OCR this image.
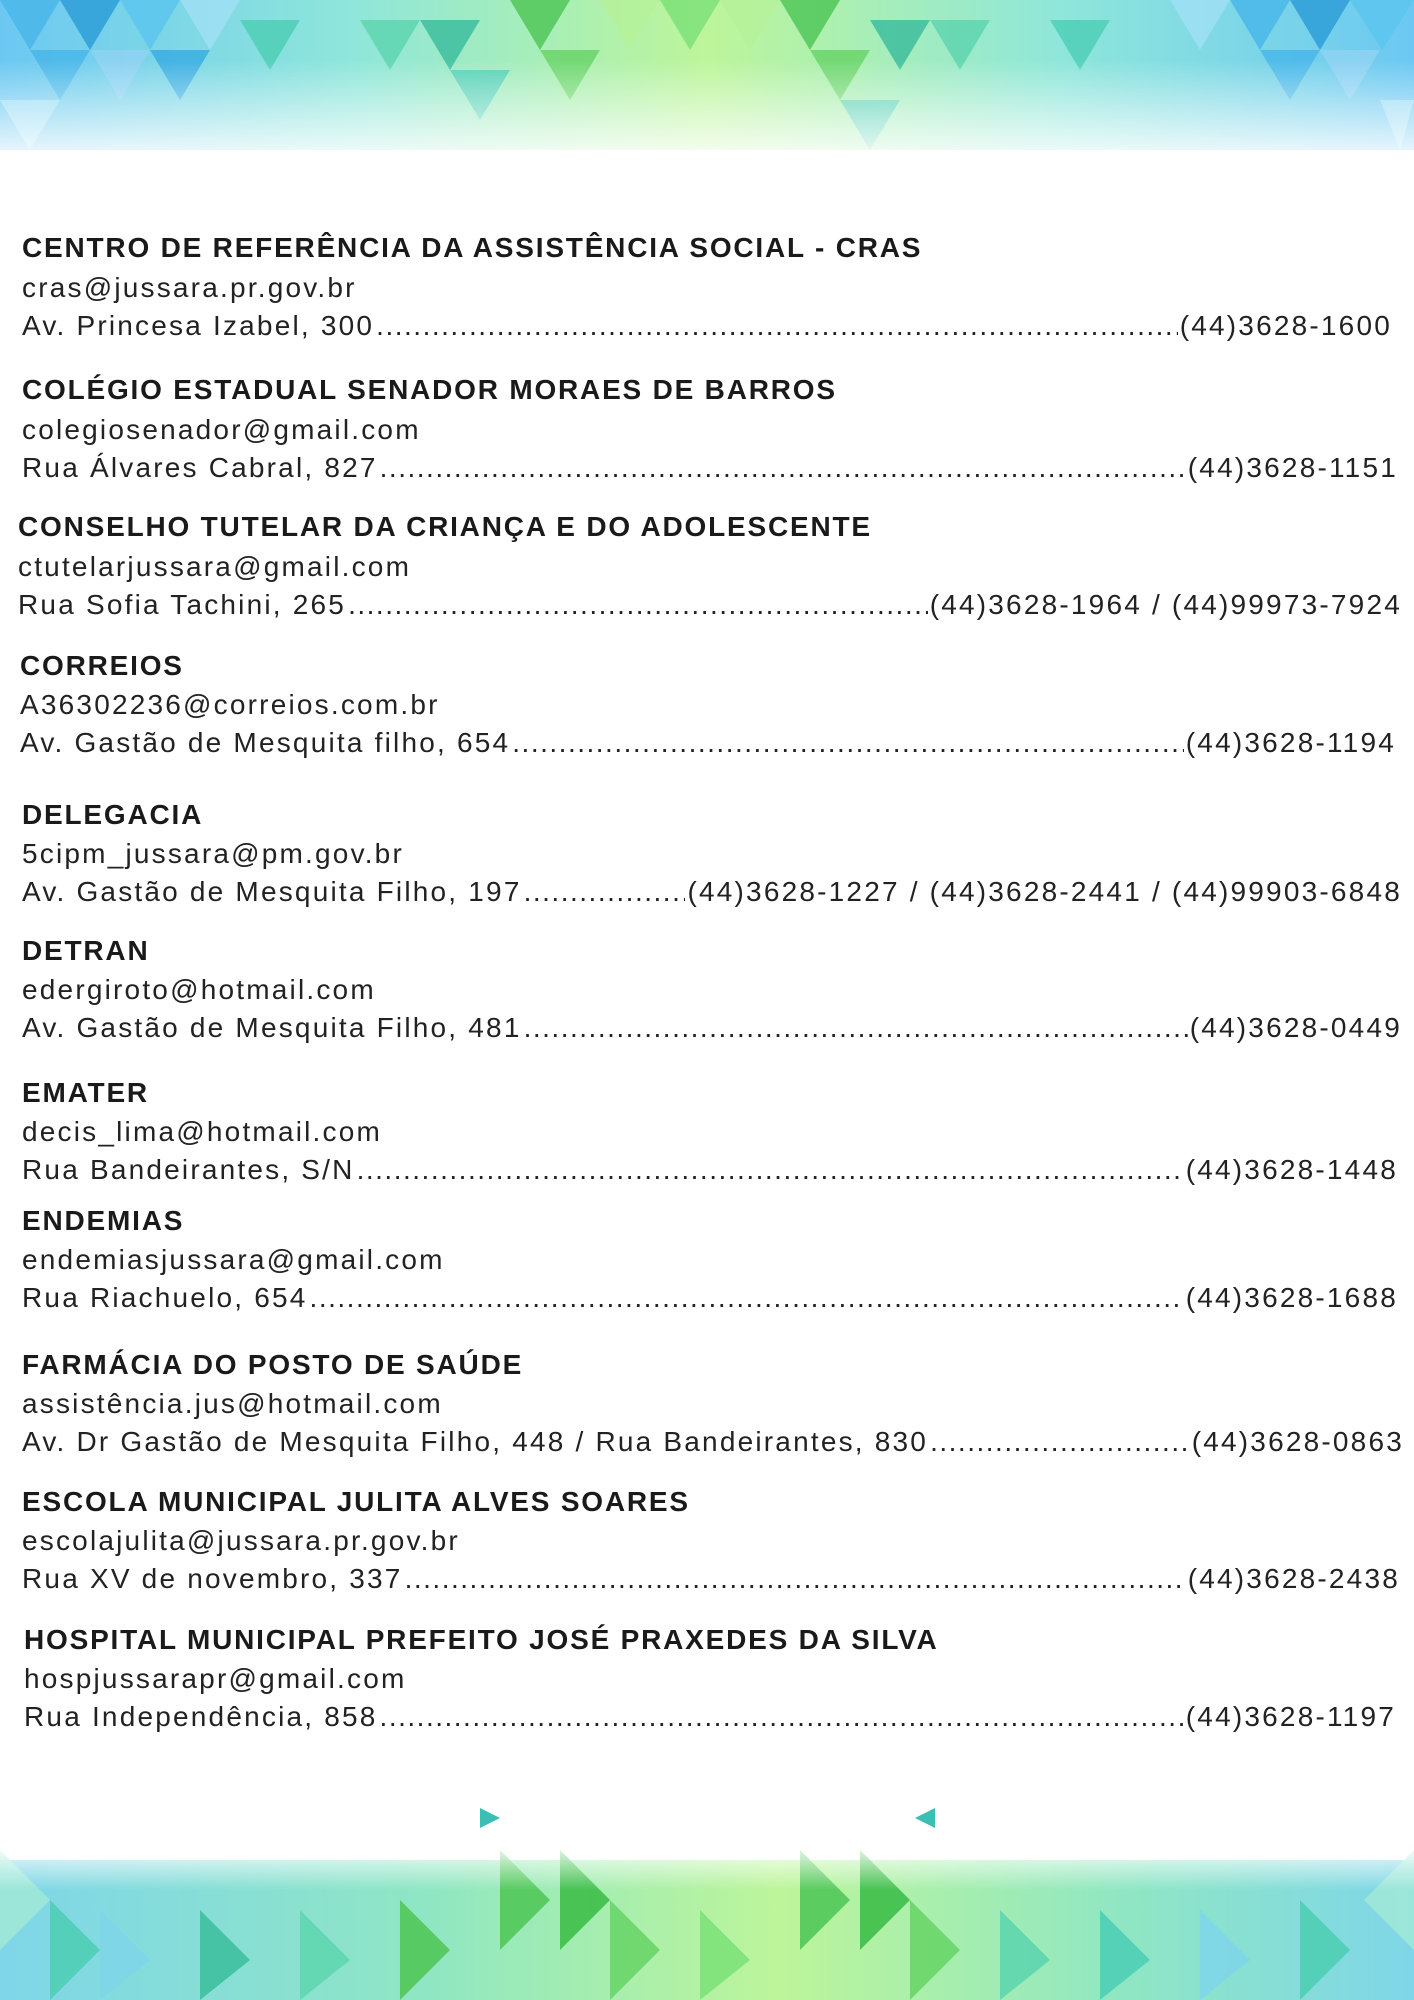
CENTRO DE REFERÊNCIA DA ASSISTÊNCIA SOCIAL - CRAS
cras@jussara.pr.gov.br
Av. Princesa Izabel, 300 .....	(44)3628-1600
COLÉGIO ESTADUAL SENADOR MORAES DE BARROS
colegiosenador@gmail.com
Rua Álvares Cabral, 827 .....	(44)3628-1151
CONSELHO TUTELAR DA CRIANÇA E DO ADOLESCENTE
ctutelarjussara@gmail.com
Rua Sofia Tachini, 265 .....	(44)3628-1964 / (44)99973-7924
CORREIOS
A36302236@correios.com.br
Av. Gastão de Mesquita filho, 654 .....	(44)3628-1194
DELEGACIA
5cipm_jussara@pm.gov.br
Av. Gastão de Mesquita Filho, 197 .....	(44)3628-1227 / (44)3628-2441 / (44)99903-6848
DETRAN
edergiroto@hotmail.com
Av. Gastão de Mesquita Filho, 481 .....	(44)3628-0449
EMATER
decis_lima@hotmail.com
Rua Bandeirantes, S/N .....	(44)3628-1448
ENDEMIAS
endemiasjussara@gmail.com
Rua Riachuelo, 654 .....	(44)3628-1688
FARMÁCIA DO POSTO DE SAÚDE
assistência.jus@hotmail.com
Av. Dr Gastão de Mesquita Filho, 448 / Rua Bandeirantes, 830 .....	(44)3628-0863
ESCOLA MUNICIPAL JULITA ALVES SOARES
escolajulita@jussara.pr.gov.br
Rua XV de novembro, 337 .....	(44)3628-2438
HOSPITAL MUNICIPAL PREFEITO JOSÉ PRAXEDES DA SILVA
hospjussarapr@gmail.com
Rua Independência, 858 .....	(44)3628-1197
